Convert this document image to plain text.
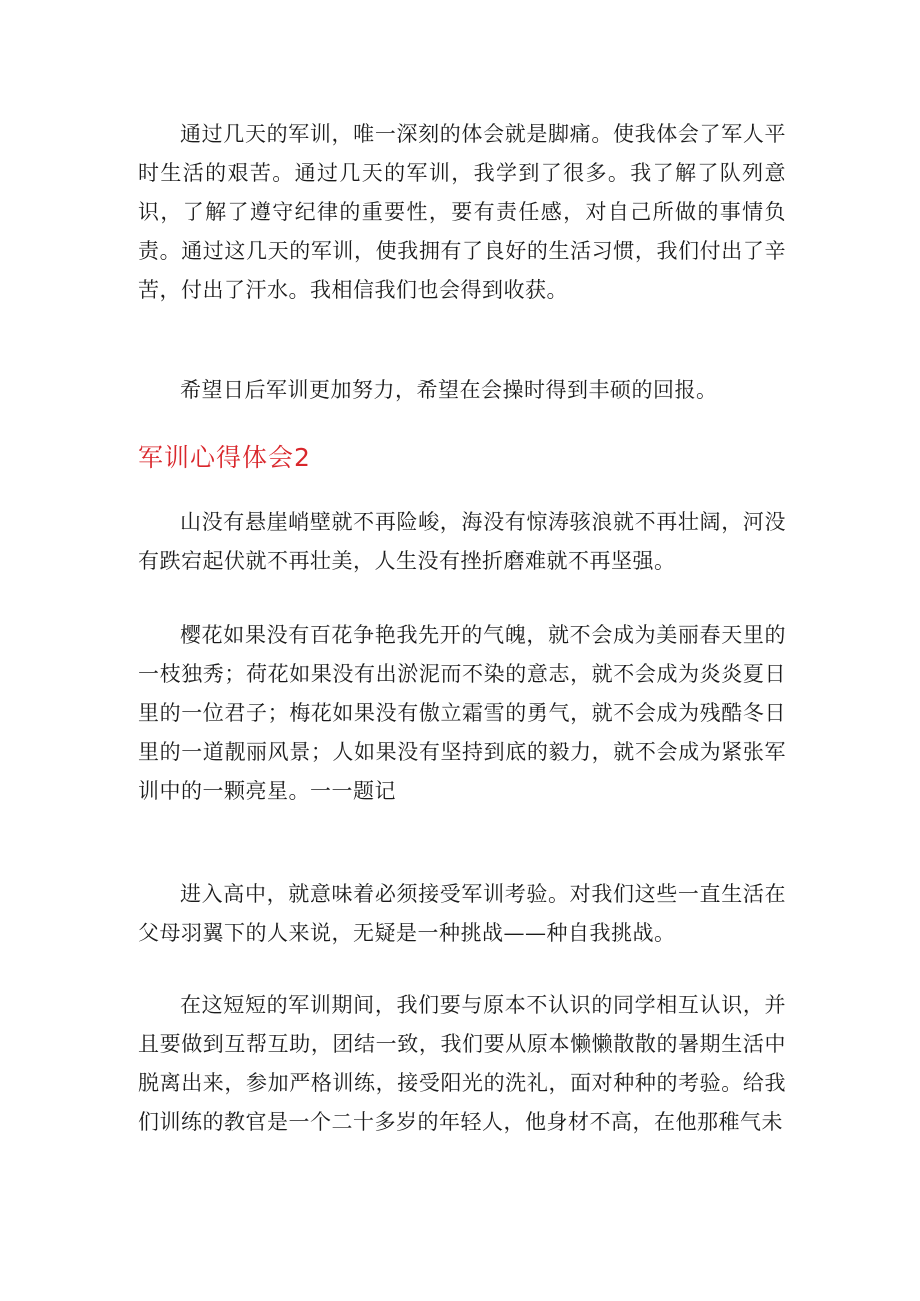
通过几天的军训，唯一深刻的体会就是脚痛。使我体会了军人平时生活的艰苦。通过几天的军训，我学到了很多。我了解了队列意识，了解了遵守纪律的重要性，要有责任感，对自己所做的事情负责。通过这几天的军训，使我拥有了良好的生活习惯，我们付出了辛苦，付出了汗水。我相信我们也会得到收获。

希望日后军训更加努力，希望在会操时得到丰硕的回报。

军训心得体会2

山没有悬崖峭壁就不再险峻，海没有惊涛骇浪就不再壮阔，河没有跌宕起伏就不再壮美，人生没有挫折磨难就不再坚强。

樱花如果没有百花争艳我先开的气魄，就不会成为美丽春天里的一枝独秀；荷花如果没有出淤泥而不染的意志，就不会成为炎炎夏日里的一位君子；梅花如果没有傲立霜雪的勇气，就不会成为残酷冬日里的一道靓丽风景；人如果没有坚持到底的毅力，就不会成为紧张军训中的一颗亮星。一一题记

进入高中，就意味着必须接受军训考验。对我们这些一直生活在父母羽翼下的人来说，无疑是一种挑战——种自我挑战。

在这短短的军训期间，我们要与原本不认识的同学相互认识，并且要做到互帮互助，团结一致，我们要从原本懒懒散散的暑期生活中脱离出来，参加严格训练，接受阳光的洗礼，面对种种的考验。给我们训练的教官是一个二十多岁的年轻人，他身材不高，在他那稚气未
